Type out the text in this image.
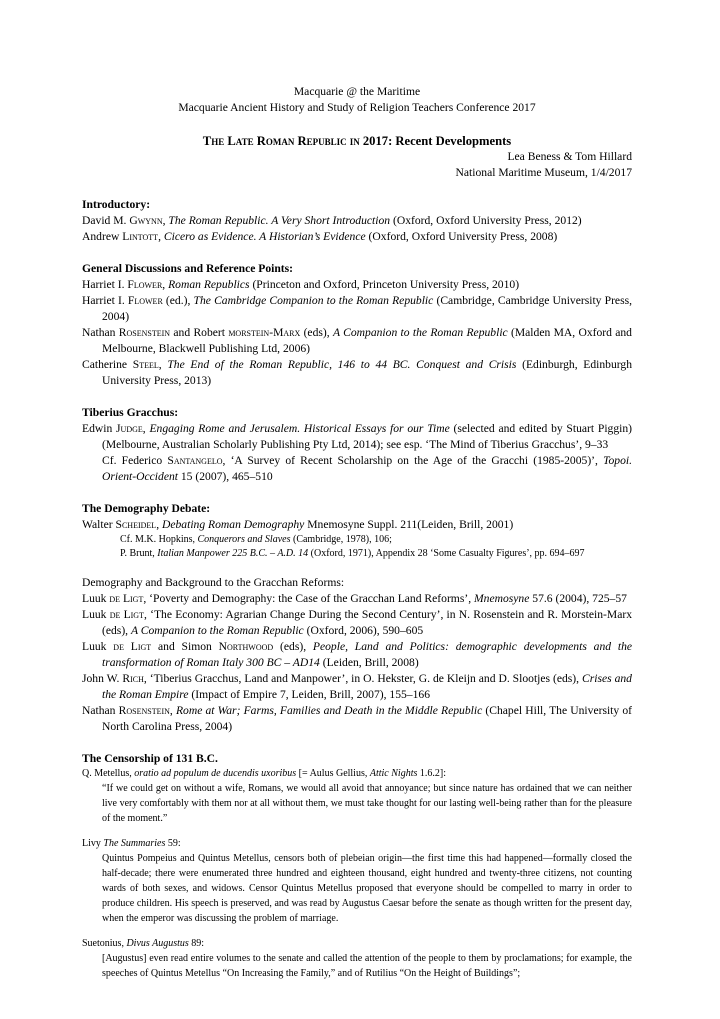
Macquarie @ the Maritime
Macquarie Ancient History and Study of Religion Teachers Conference 2017
The Late Roman Republic in 2017: Recent Developments
Lea Beness & Tom Hillard
National Maritime Museum, 1/4/2017
Introductory:
David M. Gwynn, The Roman Republic. A Very Short Introduction (Oxford, Oxford University Press, 2012)
Andrew Lintott, Cicero as Evidence. A Historian’s Evidence (Oxford, Oxford University Press, 2008)
General Discussions and Reference Points:
Harriet I. Flower, Roman Republics (Princeton and Oxford, Princeton University Press, 2010)
Harriet I. Flower (ed.), The Cambridge Companion to the Roman Republic (Cambridge, Cambridge University Press, 2004)
Nathan Rosenstein and Robert morstein-Marx (eds), A Companion to the Roman Republic (Malden MA, Oxford and Melbourne, Blackwell Publishing Ltd, 2006)
Catherine Steel, The End of the Roman Republic, 146 to 44 BC. Conquest and Crisis (Edinburgh, Edinburgh University Press, 2013)
Tiberius Gracchus:
Edwin Judge, Engaging Rome and Jerusalem. Historical Essays for our Time (selected and edited by Stuart Piggin) (Melbourne, Australian Scholarly Publishing Pty Ltd, 2014); see esp. ‘The Mind of Tiberius Gracchus’, 9–33
Cf. Federico Santangelo, ‘A Survey of Recent Scholarship on the Age of the Gracchi (1985-2005)’, Topoi. Orient-Occident 15 (2007), 465–510
The Demography Debate:
Walter Scheidel, Debating Roman Demography Mnemosyne Suppl. 211(Leiden, Brill, 2001)
Cf. M.K. Hopkins, Conquerors and Slaves (Cambridge, 1978), 106;
P. Brunt, Italian Manpower 225 B.C. – A.D. 14 (Oxford, 1971), Appendix 28 ‘Some Casualty Figures’, pp. 694–697
Demography and Background to the Gracchan Reforms:
Luuk de Ligt, ‘Poverty and Demography: the Case of the Gracchan Land Reforms’, Mnemosyne 57.6 (2004), 725–57
Luuk de Ligt, ‘The Economy: Agrarian Change During the Second Century’, in N. Rosenstein and R. Morstein-Marx (eds), A Companion to the Roman Republic (Oxford, 2006), 590–605
Luuk de Ligt and Simon Northwood (eds), People, Land and Politics: demographic developments and the transformation of Roman Italy 300 BC – AD14 (Leiden, Brill, 2008)
John W. Rich, ‘Tiberius Gracchus, Land and Manpower’, in O. Hekster, G. de Kleijn and D. Slootjes (eds), Crises and the Roman Empire (Impact of Empire 7, Leiden, Brill, 2007), 155–166
Nathan Rosenstein, Rome at War; Farms, Families and Death in the Middle Republic (Chapel Hill, The University of North Carolina Press, 2004)
The Censorship of 131 B.C.
Q. Metellus, oratio ad populum de ducendis uxoribus [= Aulus Gellius, Attic Nights 1.6.2]:
“If we could get on without a wife, Romans, we would all avoid that annoyance; but since nature has ordained that we can neither live very comfortably with them nor at all without them, we must take thought for our lasting well-being rather than for the pleasure of the moment.”
Livy The Summaries 59:
Quintus Pompeius and Quintus Metellus, censors both of plebeian origin—the first time this had happened—formally closed the half-decade; there were enumerated three hundred and eighteen thousand, eight hundred and twenty-three citizens, not counting wards of both sexes, and widows. Censor Quintus Metellus proposed that everyone should be compelled to marry in order to produce children. His speech is preserved, and was read by Augustus Caesar before the senate as though written for the present day, when the emperor was discussing the problem of marriage.
Suetonius, Divus Augustus 89:
[Augustus] even read entire volumes to the senate and called the attention of the people to them by proclamations; for example, the speeches of Quintus Metellus “On Increasing the Family,” and of Rutilius “On the Height of Buildings”;
